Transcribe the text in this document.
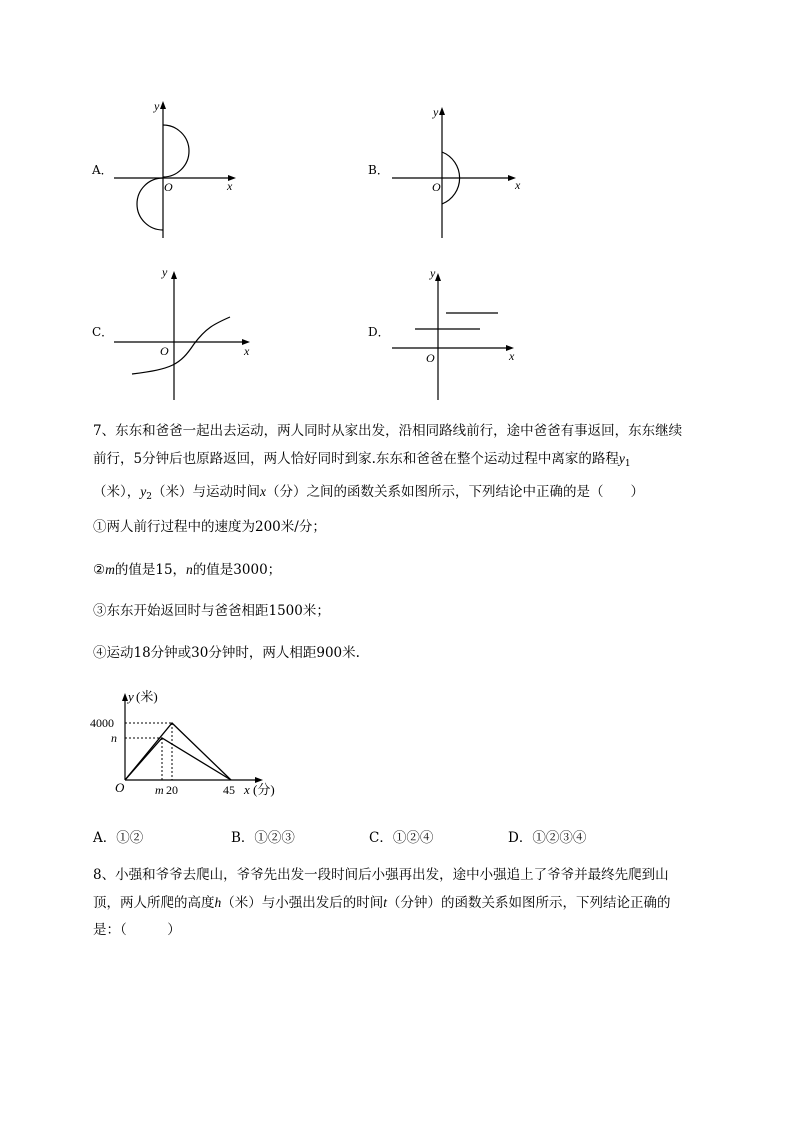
A．
y
x
O
B．
y
x
O
C．
y
x
O
D．
y
x
O
7、东东和爸爸一起出去运动，两人同时从家出发，沿相同路线前行，途中爸爸有事返回，东东继续
前行，5分钟后也原路返回，两人恰好同时到家.东东和爸爸在整个运动过程中离家的路程$y_1$
（米），$y_2$（米）与运动时间x（分）之间的函数关系如图所示，下列结论中正确的是（　　）
①两人前行过程中的速度为200米/分；
②m的值是15，n的值是3000；
③东东开始返回时与爸爸相距1500米；
④运动18分钟或30分钟时，两人相距900米.
y (米)
4000
n
O	m 20	45 x (分)
A．①②	B．①②③	C．①②④	D．①②③④
8、小强和爷爷去爬山，爷爷先出发一段时间后小强再出发，途中小强追上了爷爷并最终先爬到山
顶，两人所爬的高度h（米）与小强出发后的时间t（分钟）的函数关系如图所示，下列结论正确的
是：（　　　）
